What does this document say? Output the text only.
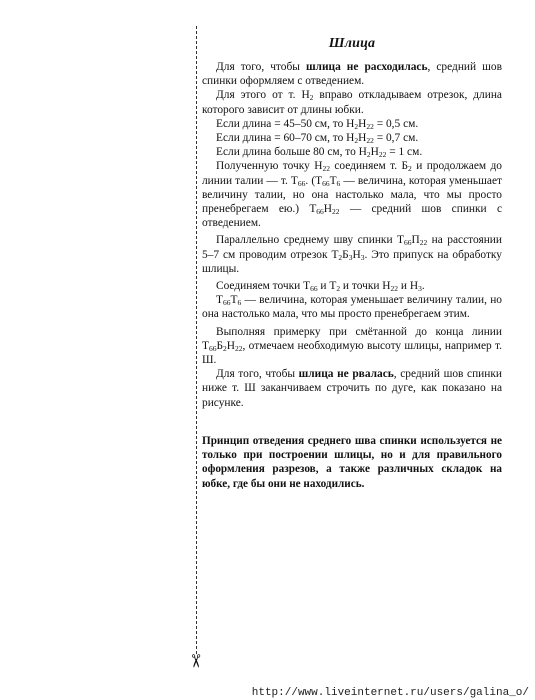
✂
Шлица

Для того, чтобы шлица не расходилась, средний шов спинки оформляем с отведением.

Для этого от т. $Н_2$ вправо откладываем отрезок, длина которого зависит от длины юбки.

Если длина = 45–50 см, то $Н_2Н_{22} = 0,5$ см.

Если длина = 60–70 см, то $Н_2Н_{22} = 0,7$ см.

Если длина больше 80 см, то $Н_2Н_{22} = 1$ см.

Полученную точку $Н_{22}$ соединяем т. $Б_2$ и продолжаем до линии талии — т. $Т_{66}$. ($Т_{66}Т_6$ — величина, которая уменьшает величину талии, но она настолько мала, что мы просто пренебрегаем ею.) $Т_{66}Н_{22}$ — средний шов спинки с отведением.

Параллельно среднему шву спинки $Т_{66}П_{22}$ на расстоянии 5–7 см проводим отрезок $Т_2Б_3Н_3$. Это припуск на обработку шлицы.

Соединяем точки $Т_{66}$ и $Т_2$ и точки $Н_{22}$ и $Н_3$.

$Т_{66}Т_6$ — величина, которая уменьшает величину талии, но она настолько мала, что мы просто пренебрегаем этим.

Выполняя примерку при смётанной до конца линии $Т_{66}Б_2Н_{22}$, отмечаем необходимую высоту шлицы, например т. Ш.

Для того, чтобы шлица не рвалась, средний шов спинки ниже т. Ш заканчиваем строчить по дуге, как показано на рисунке.

Принцип отведения среднего шва спинки используется не только при построении шлицы, но и для правильного оформления разрезов, а также различных складок на юбке, где бы они не находились.

http://www.liveinternet.ru/users/galina_o/
